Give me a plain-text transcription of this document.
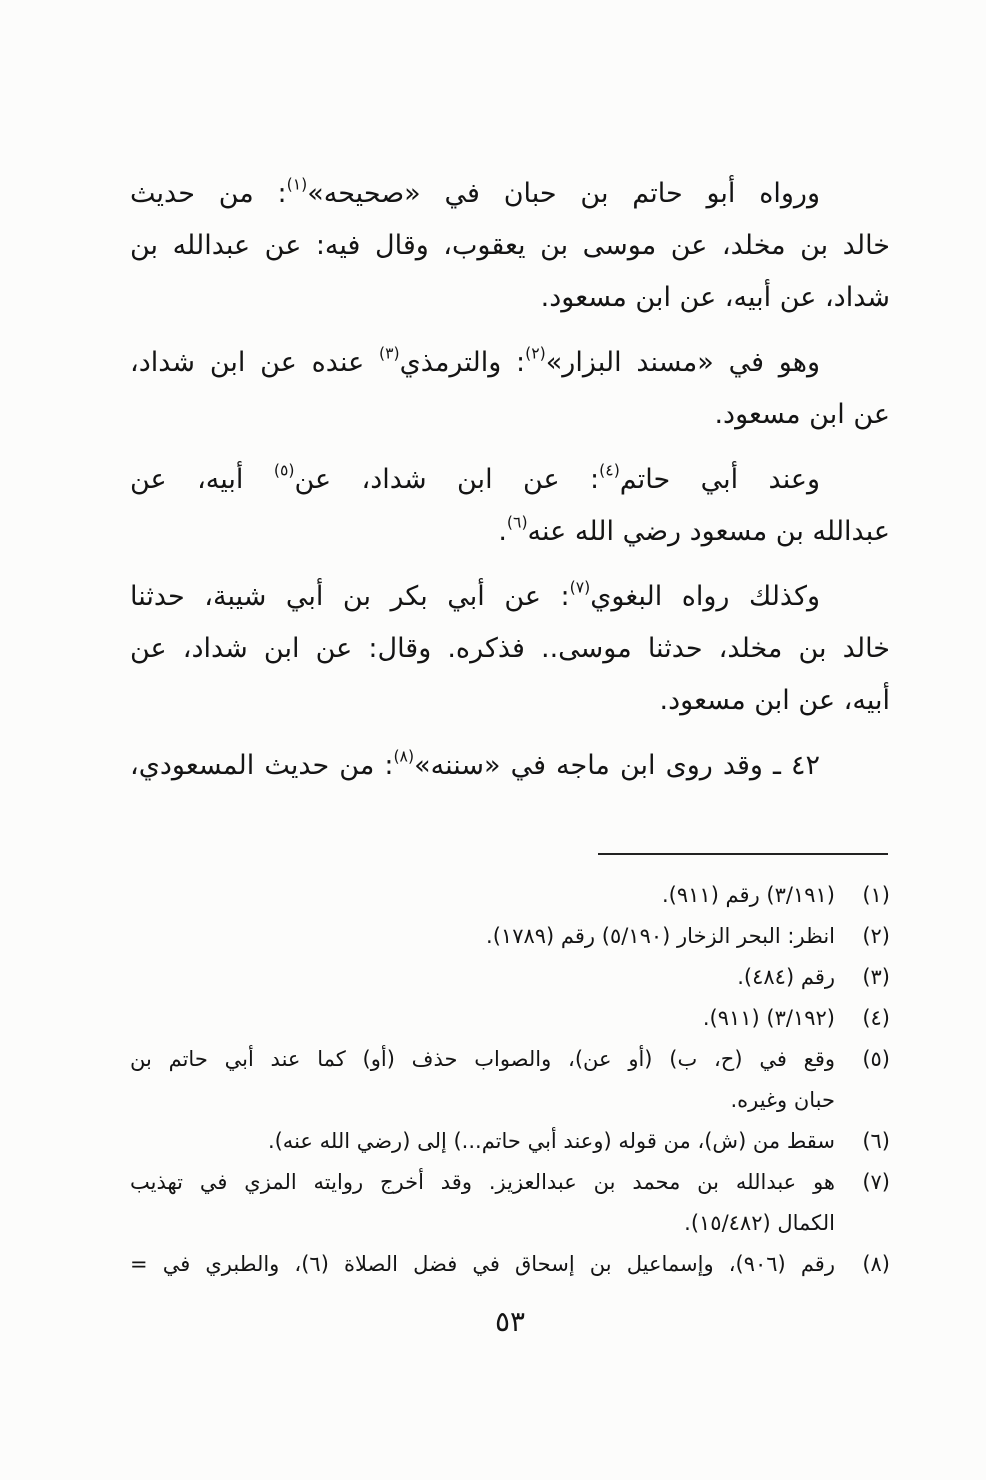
ورواه أبو حاتم بن حبان في «صحيحه»$^{(١)}$: من حديث
خالد بن مخلد، عن موسى بن يعقوب، وقال فيه: عن عبدالله بن
شداد، عن أبيه، عن ابن مسعود.
وهو في «مسند البزار»$^{(٢)}$: والترمذي$^{(٣)}$ عنده عن ابن شداد،
عن ابن مسعود.
وعند أبي حاتم$^{(٤)}$: عن ابن شداد، عن$^{(٥)}$ أبيه، عن
عبدالله بن مسعود رضي الله عنه$^{(٦)}$.
وكذلك رواه البغوي$^{(٧)}$: عن أبي بكر بن أبي شيبة، حدثنا
خالد بن مخلد، حدثنا موسى.. فذكره. وقال: عن ابن شداد، عن
أبيه، عن ابن مسعود.
٤٢ ـ وقد روى ابن ماجه في «سننه»$^{(٨)}$: من حديث المسعودي،
(١)
(٣/١٩١) رقم (٩١١).
(٢)
انظر: البحر الزخار (٥/١٩٠) رقم (١٧٨٩).
(٣)
رقم (٤٨٤).
(٤)
(٣/١٩٢) (٩١١).
(٥)
وقع في (ح، ب) (أو عن)، والصواب حذف (أو) كما عند أبي حاتم بن
حبان وغيره.
(٦)
سقط من (ش)، من قوله (وعند أبي حاتم...) إلى (رضي الله عنه).
(٧)
هو عبدالله بن محمد بن عبدالعزيز. وقد أخرج روايته المزي في تهذيب
الكمال (١٥/٤٨٢).
(٨)
رقم (٩٠٦)، وإسماعيل بن إسحاق في فضل الصلاة (٦)، والطبري في =
٥٣
